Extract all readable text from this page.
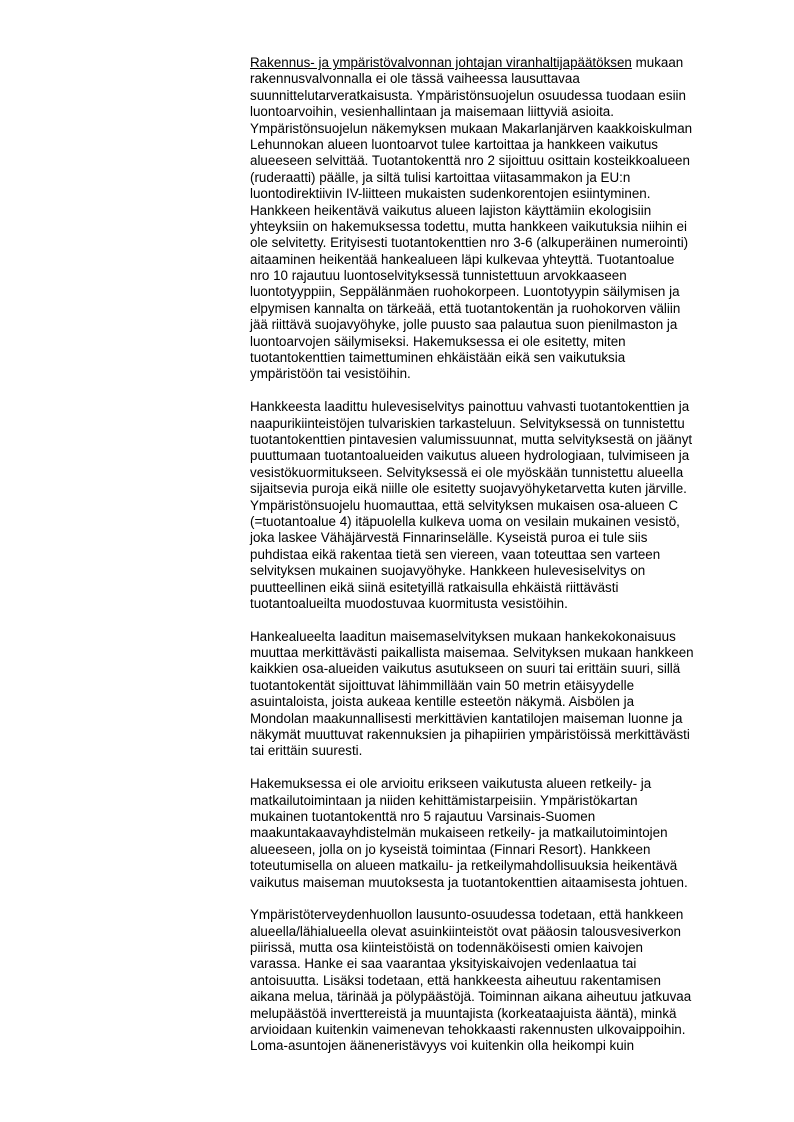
Rakennus- ja ympäristövalvonnan johtajan viranhaltijapäätöksen mukaan
rakennusvalvonnalla ei ole tässä vaiheessa lausuttavaa
suunnittelutarveratkaisusta. Ympäristönsuojelun osuudessa tuodaan esiin
luontoarvoihin, vesienhallintaan ja maisemaan liittyviä asioita.
Ympäristönsuojelun näkemyksen mukaan Makarlanjärven kaakkoiskulman
Lehunnokan alueen luontoarvot tulee kartoittaa ja hankkeen vaikutus
alueeseen selvittää. Tuotantokenttä nro 2 sijoittuu osittain kosteikkoalueen
(ruderaatti) päälle, ja siltä tulisi kartoittaa viitasammakon ja EU:n
luontodirektiivin IV-liitteen mukaisten sudenkorentojen esiintyminen.
Hankkeen heikentävä vaikutus alueen lajiston käyttämiin ekologisiin
yhteyksiin on hakemuksessa todettu, mutta hankkeen vaikutuksia niihin ei
ole selvitetty. Erityisesti tuotantokenttien nro 3-6 (alkuperäinen numerointi)
aitaaminen heikentää hankealueen läpi kulkevaa yhteyttä. Tuotantoalue
nro 10 rajautuu luontoselvityksessä tunnistettuun arvokkaaseen
luontotyyppiin, Seppälänmäen ruohokorpeen. Luontotyypin säilymisen ja
elpymisen kannalta on tärkeää, että tuotantokentän ja ruohokorven väliin
jää riittävä suojavyöhyke, jolle puusto saa palautua suon pienilmaston ja
luontoarvojen säilymiseksi. Hakemuksessa ei ole esitetty, miten
tuotantokenttien taimettuminen ehkäistään eikä sen vaikutuksia
ympäristöön tai vesistöihin.
Hankkeesta laadittu hulevesiselvitys painottuu vahvasti tuotantokenttien ja
naapurikiinteistöjen tulvariskien tarkasteluun. Selvityksessä on tunnistettu
tuotantokenttien pintavesien valumissuunnat, mutta selvityksestä on jäänyt
puuttumaan tuotantoalueiden vaikutus alueen hydrologiaan, tulvimiseen ja
vesistökuormitukseen. Selvityksessä ei ole myöskään tunnistettu alueella
sijaitsevia puroja eikä niille ole esitetty suojavyöhyketarvetta kuten järville.
Ympäristönsuojelu huomauttaa, että selvityksen mukaisen osa-alueen C
(=tuotantoalue 4) itäpuolella kulkeva uoma on vesilain mukainen vesistö,
joka laskee Vähäjärvestä Finnarinselälle. Kyseistä puroa ei tule siis
puhdistaa eikä rakentaa tietä sen viereen, vaan toteuttaa sen varteen
selvityksen mukainen suojavyöhyke. Hankkeen hulevesiselvitys on
puutteellinen eikä siinä esitetyillä ratkaisulla ehkäistä riittävästi
tuotantoalueilta muodostuvaa kuormitusta vesistöihin.
Hankealueelta laaditun maisemaselvityksen mukaan hankekokonaisuus
muuttaa merkittävästi paikallista maisemaa. Selvityksen mukaan hankkeen
kaikkien osa-alueiden vaikutus asutukseen on suuri tai erittäin suuri, sillä
tuotantokentät sijoittuvat lähimmillään vain 50 metrin etäisyydelle
asuintaloista, joista aukeaa kentille esteetön näkymä. Aisbölen ja
Mondolan maakunnallisesti merkittävien kantatilojen maiseman luonne ja
näkymät muuttuvat rakennuksien ja pihapiirien ympäristöissä merkittävästi
tai erittäin suuresti.
Hakemuksessa ei ole arvioitu erikseen vaikutusta alueen retkeily- ja
matkailutoimintaan ja niiden kehittämistarpeisiin. Ympäristökartan
mukainen tuotantokenttä nro 5 rajautuu Varsinais-Suomen
maakuntakaavayhdistelmän mukaiseen retkeily- ja matkailutoimintojen
alueeseen, jolla on jo kyseistä toimintaa (Finnari Resort). Hankkeen
toteutumisella on alueen matkailu- ja retkeilymahdollisuuksia heikentävä
vaikutus maiseman muutoksesta ja tuotantokenttien aitaamisesta johtuen.
Ympäristöterveydenhuollon lausunto-osuudessa todetaan, että hankkeen
alueella/lähialueella olevat asuinkiinteistöt ovat pääosin talousvesiverkon
piirissä, mutta osa kiinteistöistä on todennäköisesti omien kaivojen
varassa. Hanke ei saa vaarantaa yksityiskaivojen vedenlaatua tai
antoisuutta. Lisäksi todetaan, että hankkeesta aiheutuu rakentamisen
aikana melua, tärinää ja pölypäästöjä. Toiminnan aikana aiheutuu jatkuvaa
melupäästöä inverttereistä ja muuntajista (korkeataajuista ääntä), minkä
arvioidaan kuitenkin vaimenevan tehokkaasti rakennusten ulkovaippoihin.
Loma-asuntojen ääneneristävyys voi kuitenkin olla heikompi kuin
